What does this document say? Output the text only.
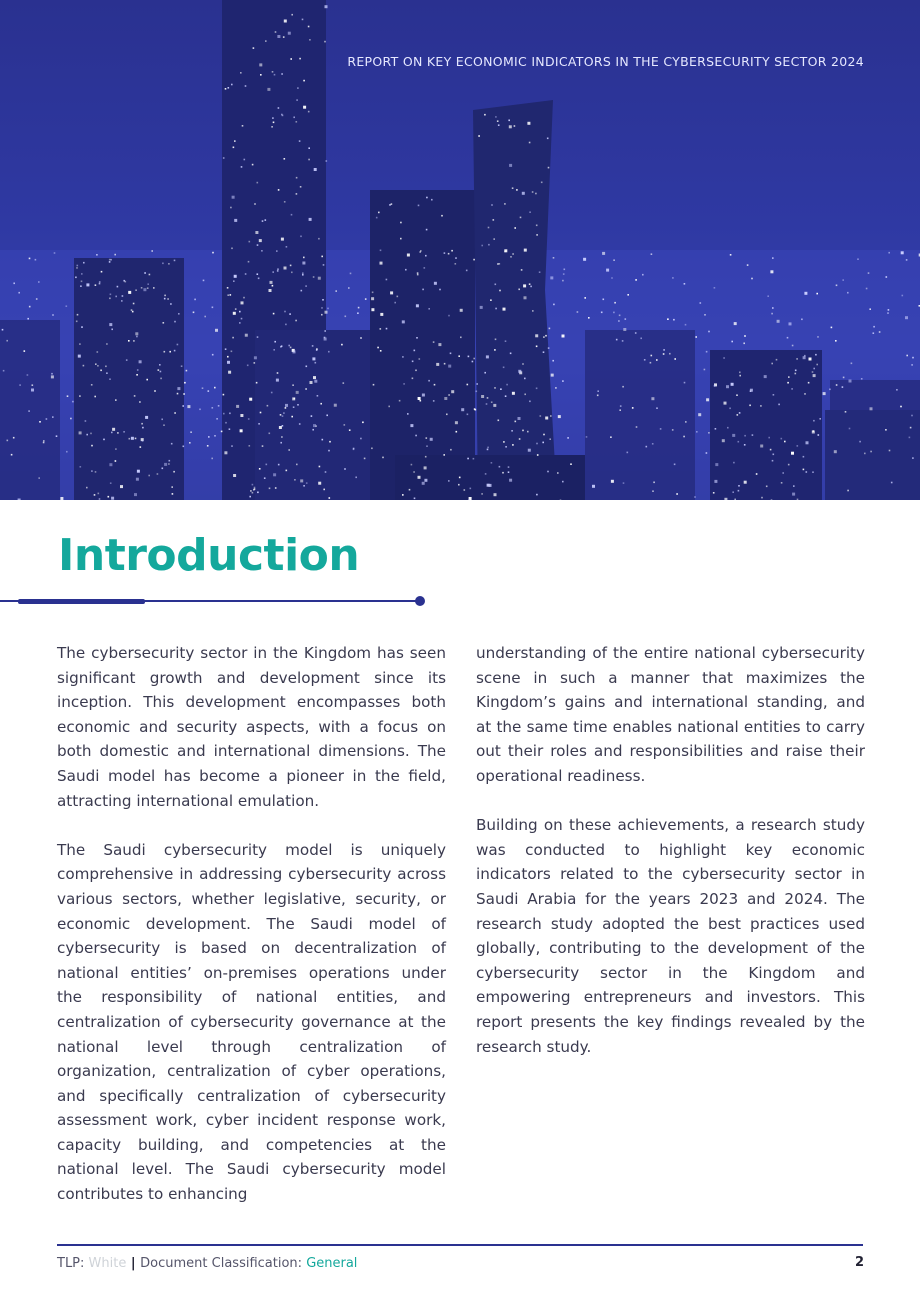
REPORT ON KEY ECONOMIC INDICATORS IN THE CYBERSECURITY SECTOR 2024
Introduction

The cybersecurity sector in the Kingdom has seen significant growth and development since its inception. This development encompasses both economic and security aspects, with a focus on both domestic and international dimensions. The Saudi model has become a pioneer in the field, attracting international emulation.

The Saudi cybersecurity model is uniquely comprehensive in addressing cybersecurity across various sectors, whether legislative, security, or economic development. The Saudi model of cybersecurity is based on decentralization of national entities’ on-premises operations under the responsibility of national entities, and centralization of cybersecurity governance at the national level through centralization of organization, centralization of cyber operations, and specifically centralization of cybersecurity assessment work, cyber incident response work, capacity building, and competencies at the national level. The Saudi cybersecurity model contributes to enhancing

understanding of the entire national cybersecurity scene in such a manner that maximizes the Kingdom’s gains and international standing, and at the same time enables national entities to carry out their roles and responsibilities and raise their operational readiness.

Building on these achievements, a research study was conducted to highlight key economic indicators related to the cybersecurity sector in Saudi Arabia for the years 2023 and 2024. The research study adopted the best practices used globally, contributing to the development of the cybersecurity sector in the Kingdom and empowering entrepreneurs and investors. This report presents the key findings revealed by the research study.

TLP: White | Document Classification: General	2
